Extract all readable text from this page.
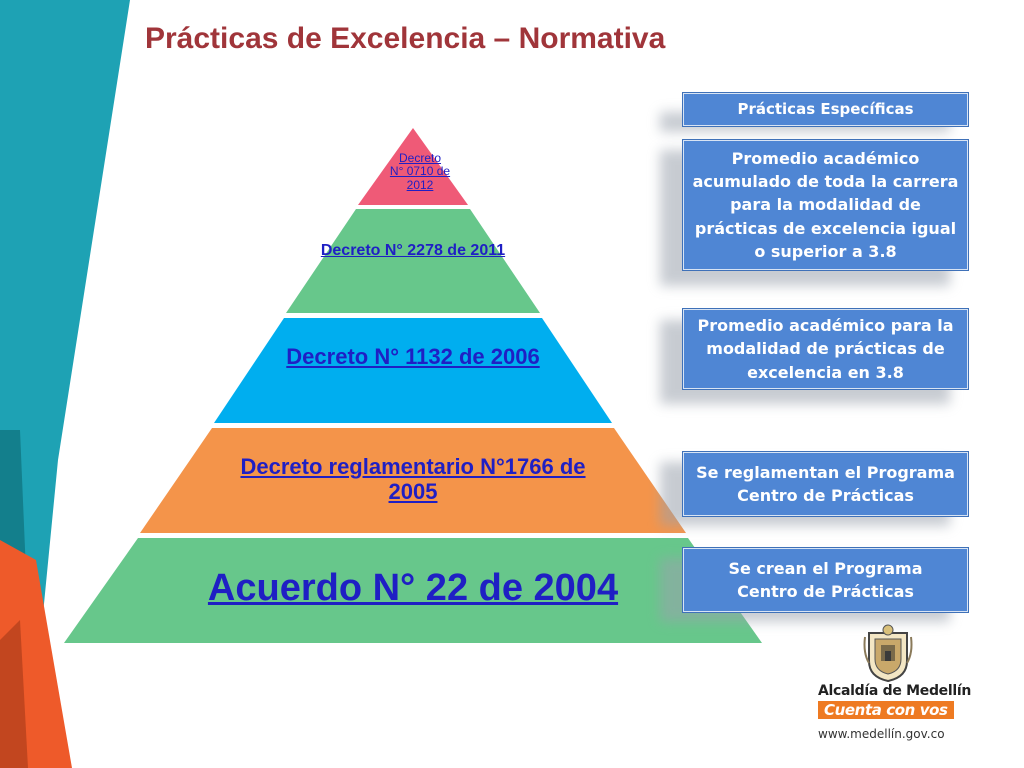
Prácticas de Excelencia – Normativa
Decreto
N° 0710 de
2012
Decreto N° 2278 de 2011
Decreto N° 1132 de 2006
Decreto reglamentario N°1766 de 2005
Acuerdo N° 22 de 2004
Prácticas Específicas
Promedio académico acumulado de toda la carrera para la modalidad de prácticas de excelencia igual o superior a 3.8
Promedio académico para la modalidad de prácticas de excelencia en 3.8
Se reglamentan el Programa
Centro de Prácticas
Se crean el Programa
Centro de Prácticas
Alcaldía de Medellín
Cuenta con vos
www.medellín.gov.co
